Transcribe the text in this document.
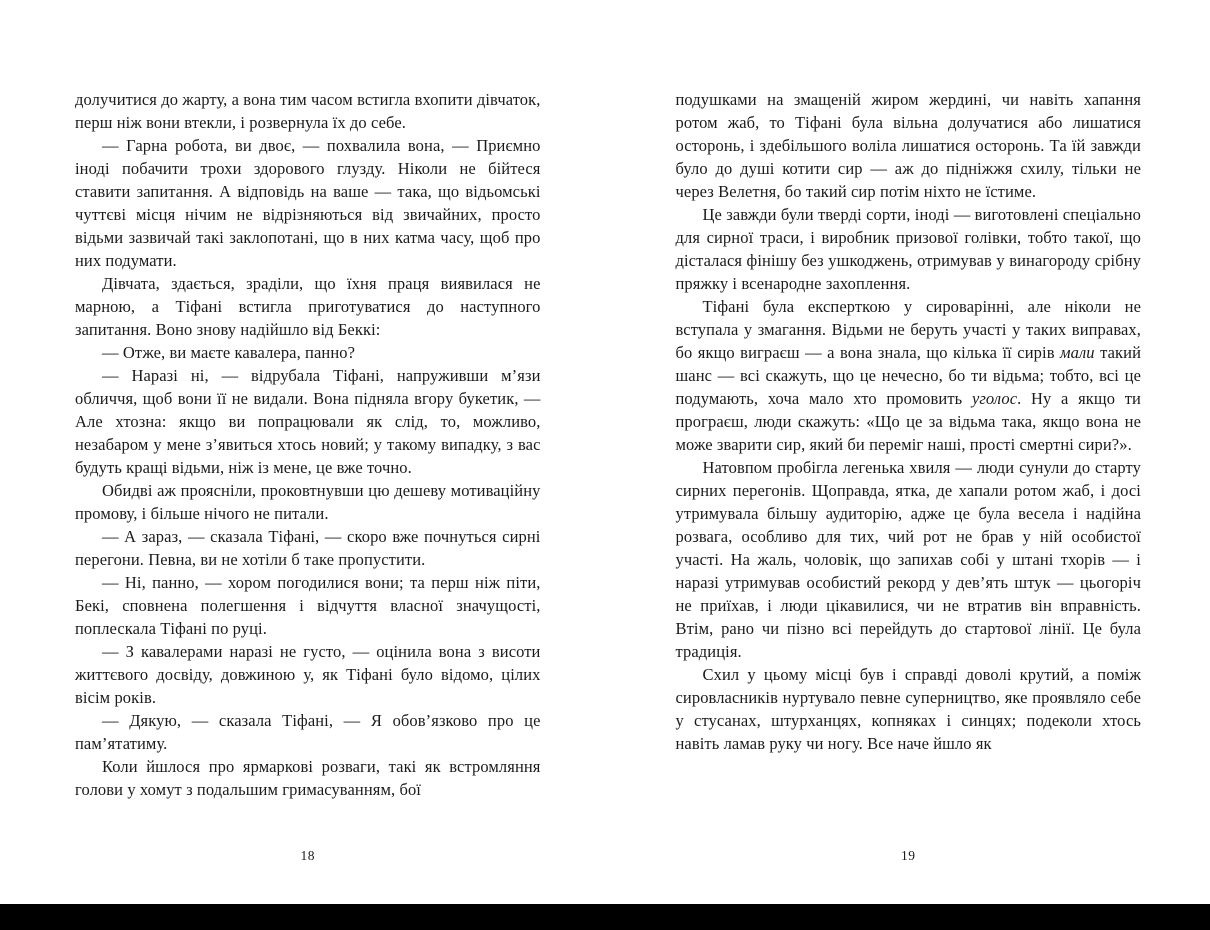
долучитися до жарту, а вона тим часом встигла вхопити дівчаток, перш ніж вони втекли, і розвернула їх до себе.

— Гарна робота, ви двоє, — похвалила вона, — Приємно іноді побачити трохи здорового глузду. Ніколи не бійтеся ставити запитання. А відповідь на ваше — така, що відьомські чуттєві місця нічим не відрізняються від звичайних, просто відьми зазвичай такі заклопотані, що в них катма часу, щоб про них подумати.

Дівчата, здається, зраділи, що їхня праця виявилася не марною, а Тіфані встигла приготуватися до наступного запитання. Воно знову надійшло від Беккі:

— Отже, ви маєте кавалера, панно?

— Наразі ні, — відрубала Тіфані, напруживши м’язи обличчя, щоб вони її не видали. Вона підняла вгору букетик, — Але хтозна: якщо ви попрацювали як слід, то, можливо, незабаром у мене з’явиться хтось новий; у такому випадку, з вас будуть кращі відьми, ніж із мене, це вже точно.

Обидві аж проясніли, проковтнувши цю дешеву мотиваційну промову, і більше нічого не питали.

— А зараз, — сказала Тіфані, — скоро вже почнуться сирні перегони. Певна, ви не хотіли б таке пропустити.

— Ні, панно, — хором погодилися вони; та перш ніж піти, Бекі, сповнена полегшення і відчуття власної значущості, поплескала Тіфані по руці.

— З кавалерами наразі не густо, — оцінила вона з висоти життєвого досвіду, довжиною у, як Тіфані було відомо, цілих вісім років.

— Дякую, — сказала Тіфані, — Я обов’язково про це пам’ятатиму.

Коли йшлося про ярмаркові розваги, такі як встромляння голови у хомут з подальшим гримасуванням, бої

18

подушками на змащеній жиром жердині, чи навіть хапання ротом жаб, то Тіфані була вільна долучатися або лишатися осторонь, і здебільшого воліла лишатися осторонь. Та їй завжди було до душі котити сир — аж до підніжжя схилу, тільки не через Велетня, бо такий сир потім ніхто не їстиме.

Це завжди були тверді сорти, іноді — виготовлені спеціально для сирної траси, і виробник призової голівки, тобто такої, що дісталася фінішу без ушкоджень, отримував у винагороду срібну пряжку і всенародне захоплення.

Тіфані була експерткою у сироварінні, але ніколи не вступала у змагання. Відьми не беруть участі у таких виправах, бо якщо виграєш — а вона знала, що кілька її сирів мали такий шанс — всі скажуть, що це нечесно, бо ти відьма; тобто, всі це подумають, хоча мало хто промовить уголос. Ну а якщо ти програєш, люди скажуть: «Що це за відьма така, якщо вона не може зварити сир, який би переміг наші, прості смертні сири?».

Натовпом пробігла легенька хвиля — люди сунули до старту сирних перегонів. Щоправда, ятка, де хапали ротом жаб, і досі утримувала більшу аудиторію, адже це була весела і надійна розвага, особливо для тих, чий рот не брав у ній особистої участі. На жаль, чоловік, що запихав собі у штані тхорів — і наразі утримував особистий рекорд у дев’ять штук — цьогоріч не приїхав, і люди цікавилися, чи не втратив він вправність. Втім, рано чи пізно всі перейдуть до стартової лінії. Це була традиція.

Схил у цьому місці був і справді доволі крутий, а поміж сировласників нуртувало певне суперництво, яке проявляло себе у стусанах, штурханцях, копняках і синцях; подеколи хтось навіть ламав руку чи ногу. Все наче йшло як

19
